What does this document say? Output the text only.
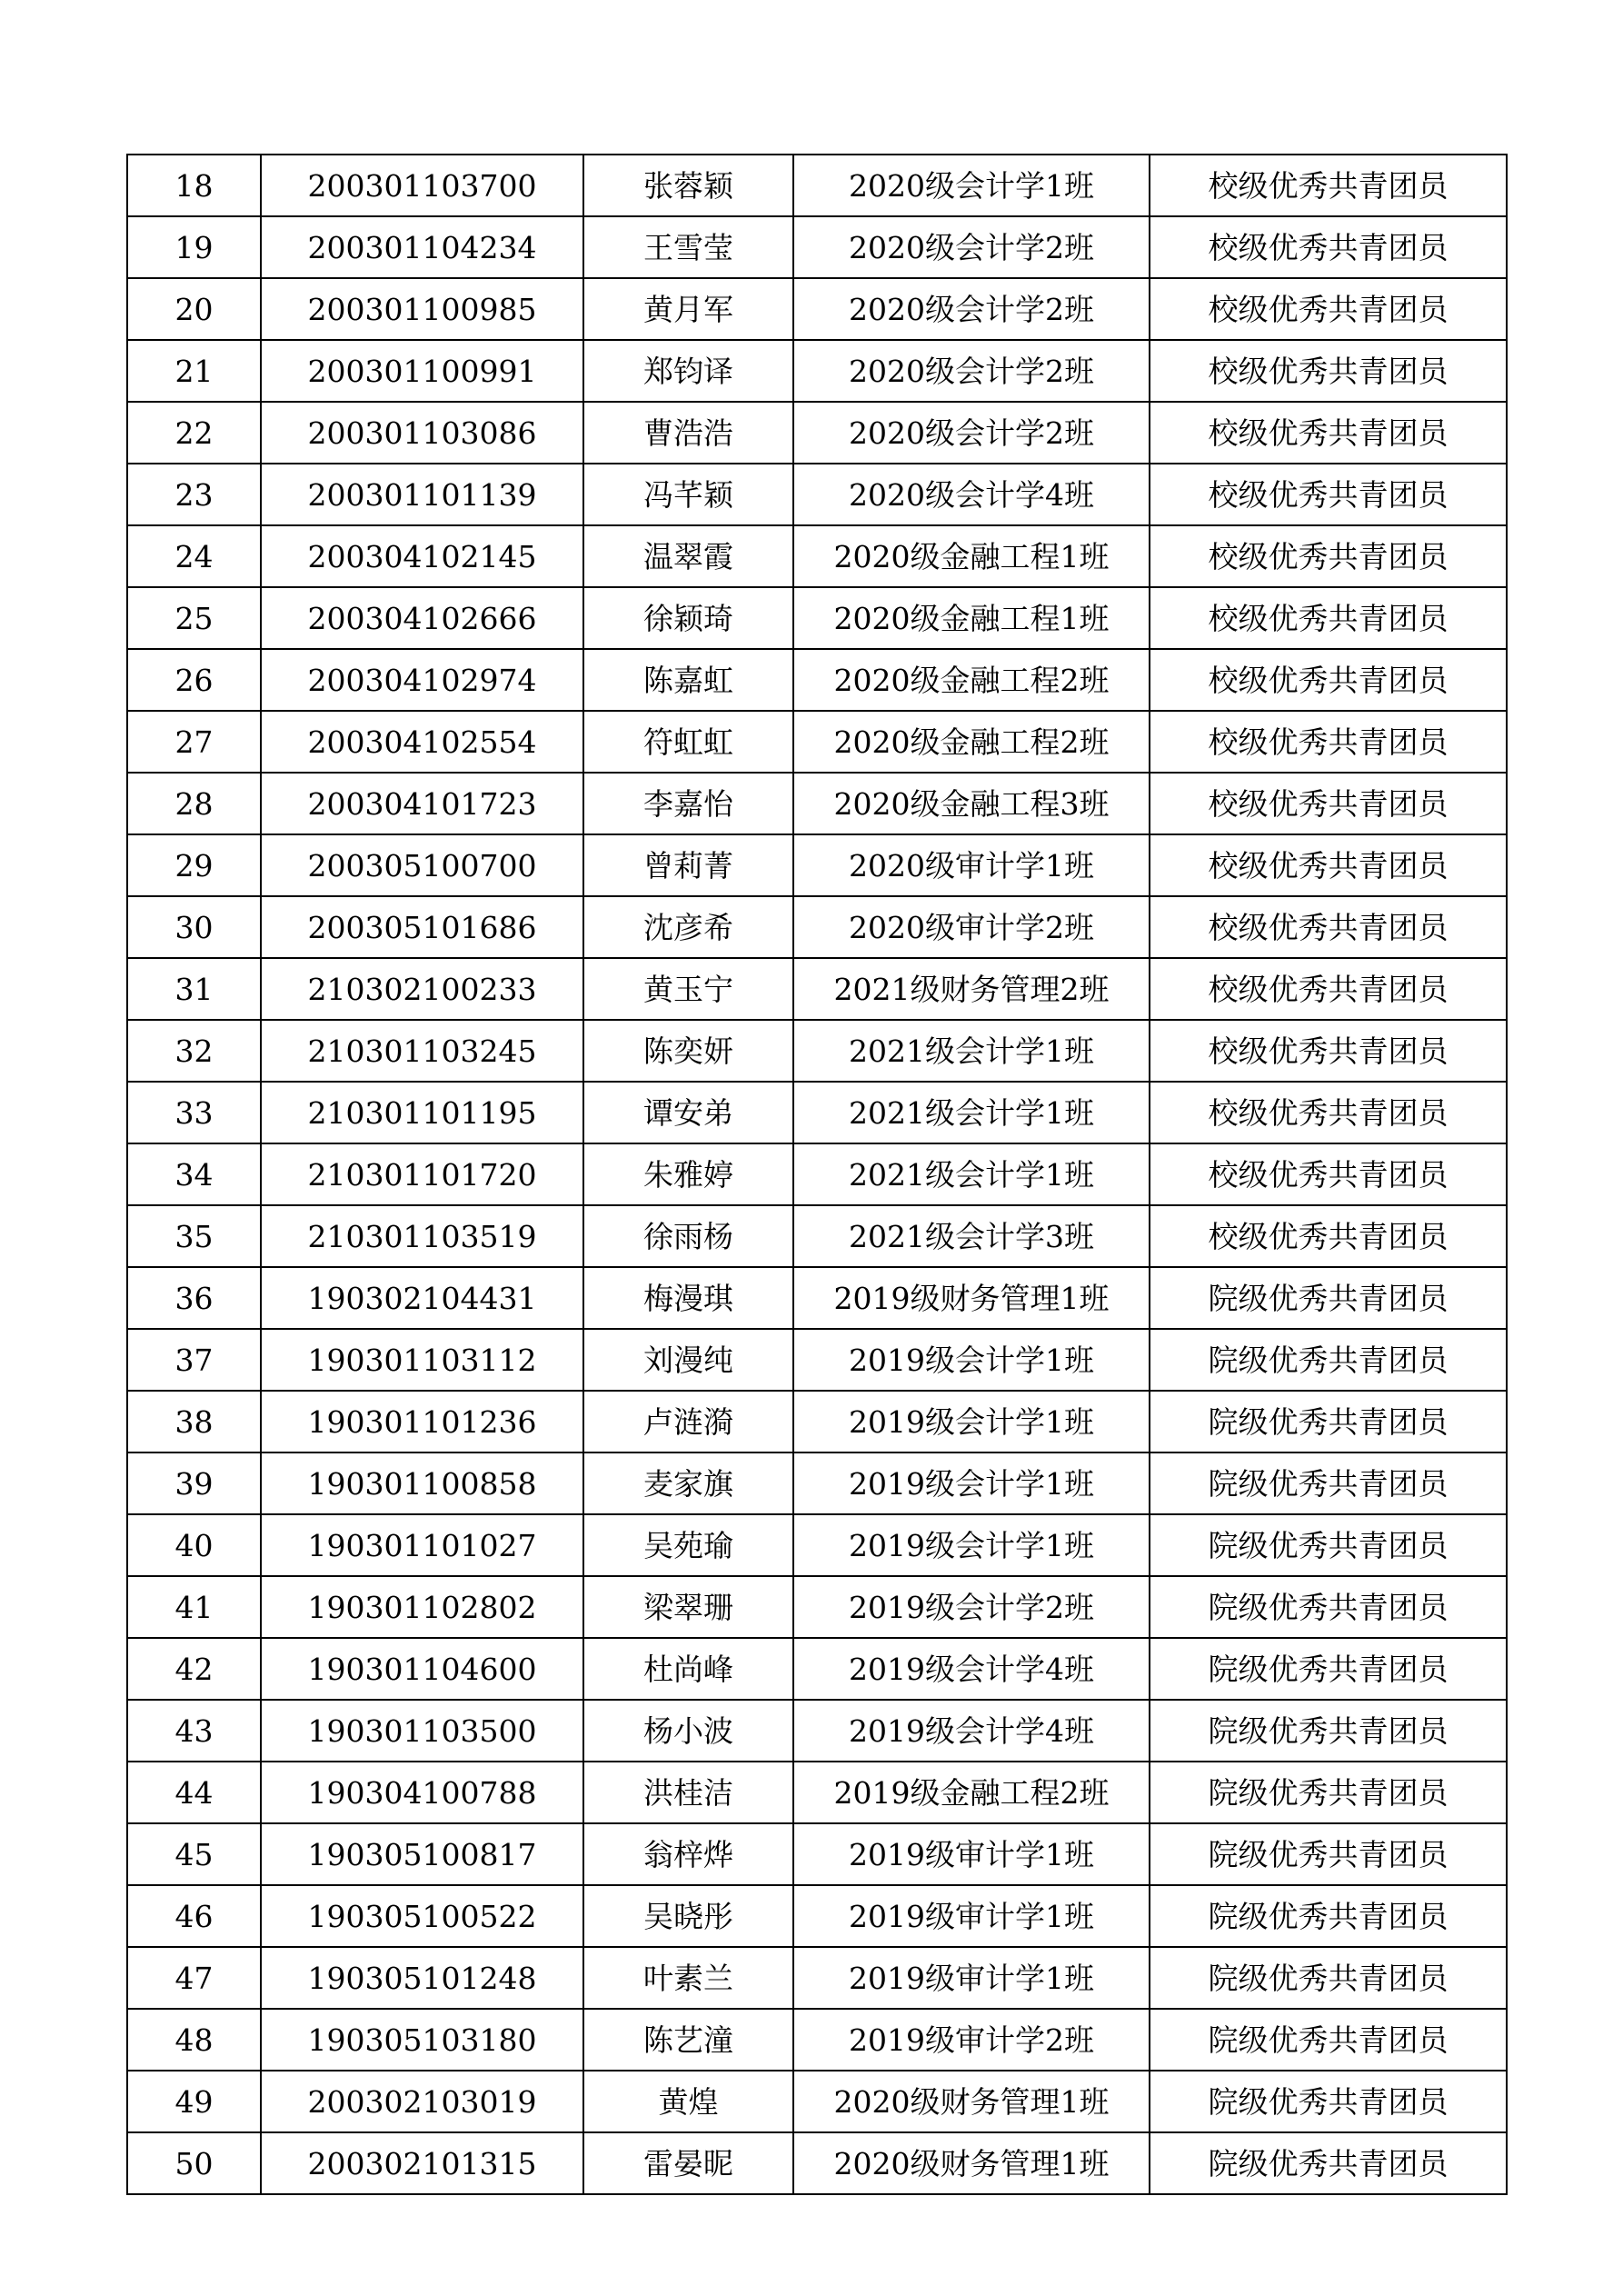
18	200301103700	张蓉颖	2020级会计学1班	校级优秀共青团员
19	200301104234	王雪莹	2020级会计学2班	校级优秀共青团员
20	200301100985	黄月军	2020级会计学2班	校级优秀共青团员
21	200301100991	郑钧译	2020级会计学2班	校级优秀共青团员
22	200301103086	曹浩浩	2020级会计学2班	校级优秀共青团员
23	200301101139	冯芊颖	2020级会计学4班	校级优秀共青团员
24	200304102145	温翠霞	2020级金融工程1班	校级优秀共青团员
25	200304102666	徐颖琦	2020级金融工程1班	校级优秀共青团员
26	200304102974	陈嘉虹	2020级金融工程2班	校级优秀共青团员
27	200304102554	符虹虹	2020级金融工程2班	校级优秀共青团员
28	200304101723	李嘉怡	2020级金融工程3班	校级优秀共青团员
29	200305100700	曾莉菁	2020级审计学1班	校级优秀共青团员
30	200305101686	沈彦希	2020级审计学2班	校级优秀共青团员
31	210302100233	黄玉宁	2021级财务管理2班	校级优秀共青团员
32	210301103245	陈奕妍	2021级会计学1班	校级优秀共青团员
33	210301101195	谭安弟	2021级会计学1班	校级优秀共青团员
34	210301101720	朱雅婷	2021级会计学1班	校级优秀共青团员
35	210301103519	徐雨杨	2021级会计学3班	校级优秀共青团员
36	190302104431	梅漫琪	2019级财务管理1班	院级优秀共青团员
37	190301103112	刘漫纯	2019级会计学1班	院级优秀共青团员
38	190301101236	卢涟漪	2019级会计学1班	院级优秀共青团员
39	190301100858	麦家旗	2019级会计学1班	院级优秀共青团员
40	190301101027	吴苑瑜	2019级会计学1班	院级优秀共青团员
41	190301102802	梁翠珊	2019级会计学2班	院级优秀共青团员
42	190301104600	杜尚峰	2019级会计学4班	院级优秀共青团员
43	190301103500	杨小波	2019级会计学4班	院级优秀共青团员
44	190304100788	洪桂洁	2019级金融工程2班	院级优秀共青团员
45	190305100817	翁梓烨	2019级审计学1班	院级优秀共青团员
46	190305100522	吴晓彤	2019级审计学1班	院级优秀共青团员
47	190305101248	叶素兰	2019级审计学1班	院级优秀共青团员
48	190305103180	陈艺潼	2019级审计学2班	院级优秀共青团员
49	200302103019	黄煌	2020级财务管理1班	院级优秀共青团员
50	200302101315	雷晏昵	2020级财务管理1班	院级优秀共青团员
